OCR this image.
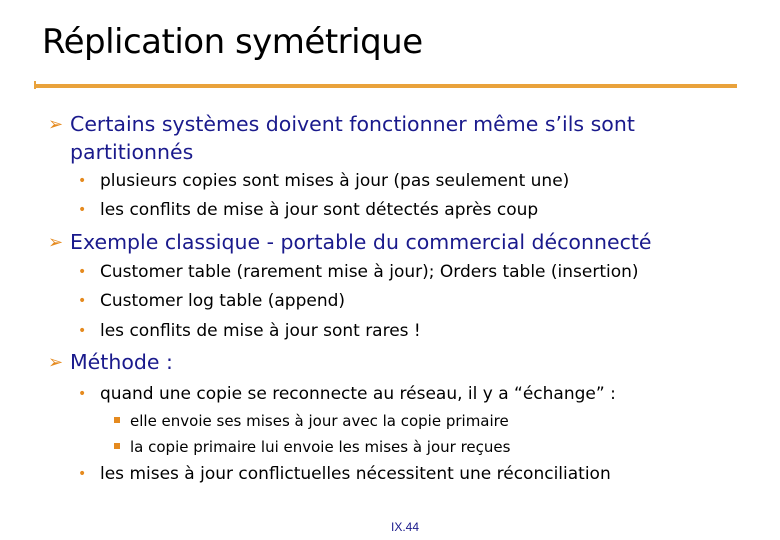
Réplication symétrique
➢ Certains systèmes doivent fonctionner même s’ils sont
partitionnés
• plusieurs copies sont mises à jour (pas seulement une)
• les conflits de mise à jour sont détectés après coup
➢ Exemple classique - portable du commercial déconnecté
• Customer table (rarement mise à jour); Orders table (insertion)
• Customer log table (append)
• les conflits de mise à jour sont rares !
➢ Méthode :
• quand une copie se reconnecte au réseau, il y a “échange” :
elle envoie ses mises à jour avec la copie primaire
la copie primaire lui envoie les mises à jour reçues
• les mises à jour conflictuelles nécessitent une réconciliation
IX.44
